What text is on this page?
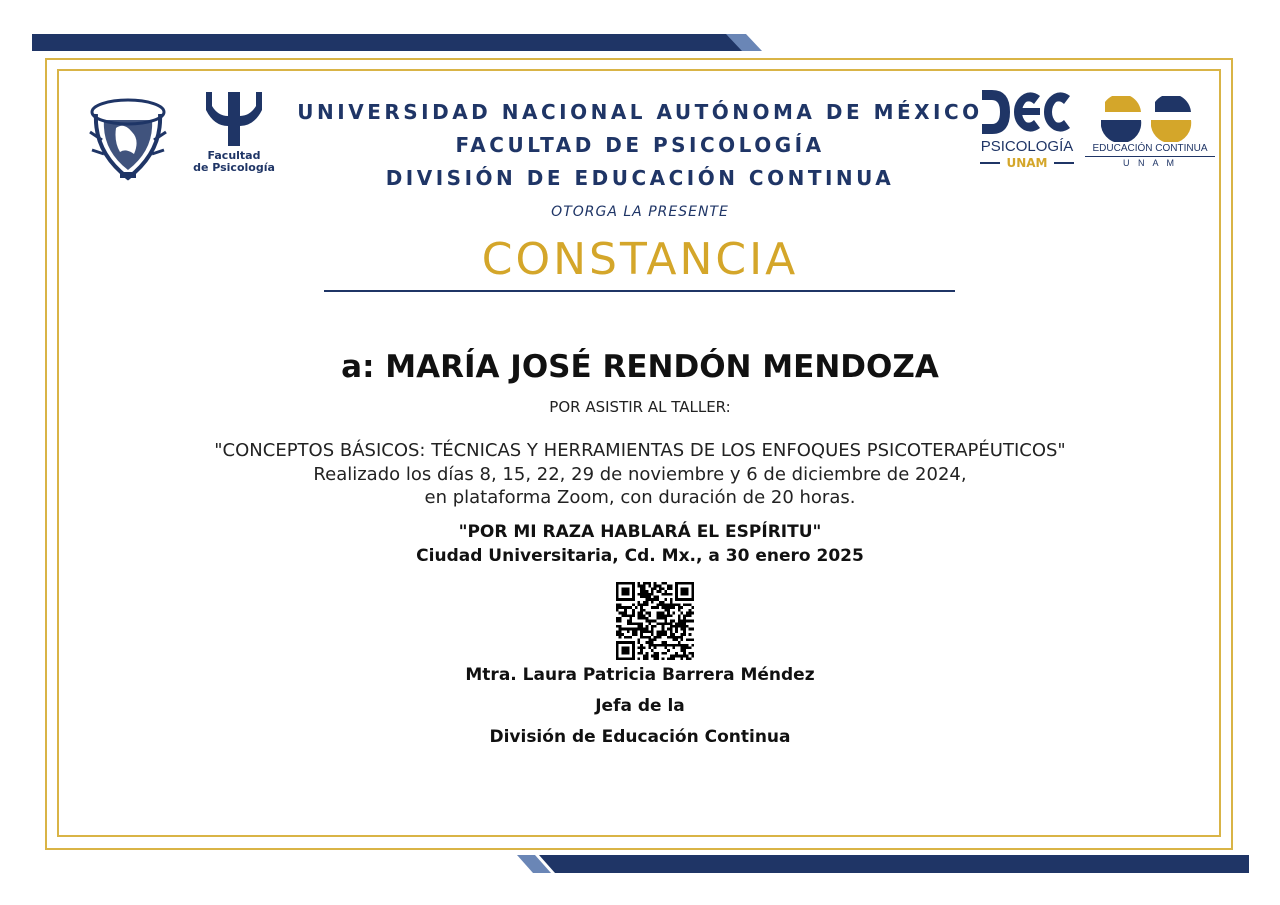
Facultad
de Psicología
PSICOLOGÍA
UNAM
EDUCACIÓN CONTINUA
U N A M
UNIVERSIDAD NACIONAL AUTÓNOMA DE MÉXICO
FACULTAD DE PSICOLOGÍA
DIVISIÓN DE EDUCACIÓN CONTINUA
OTORGA LA PRESENTE
CONSTANCIA
a: MARÍA JOSÉ RENDÓN MENDOZA
POR ASISTIR AL TALLER:
"CONCEPTOS BÁSICOS: TÉCNICAS Y HERRAMIENTAS DE LOS ENFOQUES PSICOTERAPÉUTICOS"
Realizado los días 8, 15, 22, 29 de noviembre y 6 de diciembre de 2024,
en plataforma Zoom, con duración de 20 horas.
"POR MI RAZA HABLARÁ EL ESPÍRITU"
Ciudad Universitaria, Cd. Mx., a 30 enero 2025
Mtra. Laura Patricia Barrera Méndez
Jefa de la
División de Educación Continua
